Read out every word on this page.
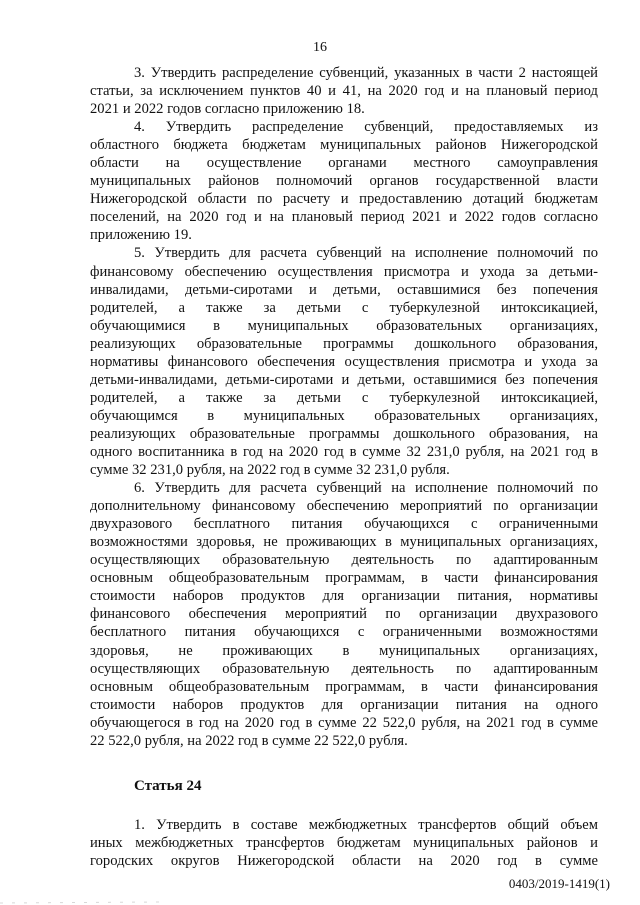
16

3. Утвердить распределение субвенций, указанных в части 2 настоящей
статьи, за исключением пунктов 40 и 41, на 2020 год и на плановый период
2021 и 2022 годов согласно приложению 18.

4. Утвердить распределение субвенций, предоставляемых из
областного бюджета бюджетам муниципальных районов Нижегородской
области на осуществление органами местного самоуправления
муниципальных районов полномочий органов государственной власти
Нижегородской области по расчету и предоставлению дотаций бюджетам
поселений, на 2020 год и на плановый период 2021 и 2022 годов согласно
приложению 19.

5. Утвердить для расчета субвенций на исполнение полномочий по
финансовому обеспечению осуществления присмотра и ухода за детьми-
инвалидами, детьми-сиротами и детьми, оставшимися без попечения
родителей, а также за детьми с туберкулезной интоксикацией,
обучающимися в муниципальных образовательных организациях,
реализующих образовательные программы дошкольного образования,
нормативы финансового обеспечения осуществления присмотра и ухода за
детьми-инвалидами, детьми-сиротами и детьми, оставшимися без попечения
родителей, а также за детьми с туберкулезной интоксикацией,
обучающимся в муниципальных образовательных организациях,
реализующих образовательные программы дошкольного образования, на
одного воспитанника в год на 2020 год в сумме 32 231,0 рубля, на 2021 год в
сумме 32 231,0 рубля, на 2022 год в сумме 32 231,0 рубля.

6. Утвердить для расчета субвенций на исполнение полномочий по
дополнительному финансовому обеспечению мероприятий по организации
двухразового бесплатного питания обучающихся с ограниченными
возможностями здоровья, не проживающих в муниципальных организациях,
осуществляющих образовательную деятельность по адаптированным
основным общеобразовательным программам, в части финансирования
стоимости наборов продуктов для организации питания, нормативы
финансового обеспечения мероприятий по организации двухразового
бесплатного питания обучающихся с ограниченными возможностями
здоровья, не проживающих в муниципальных организациях,
осуществляющих образовательную деятельность по адаптированным
основным общеобразовательным программам, в части финансирования
стоимости наборов продуктов для организации питания на одного
обучающегося в год на 2020 год в сумме 22 522,0 рубля, на 2021 год в сумме
22 522,0 рубля, на 2022 год в сумме 22 522,0 рубля.

Статья 24

1. Утвердить в составе межбюджетных трансфертов общий объем
иных межбюджетных трансфертов бюджетам муниципальных районов и
городских округов Нижегородской области на 2020 год в сумме

0403/2019-1419(1)
